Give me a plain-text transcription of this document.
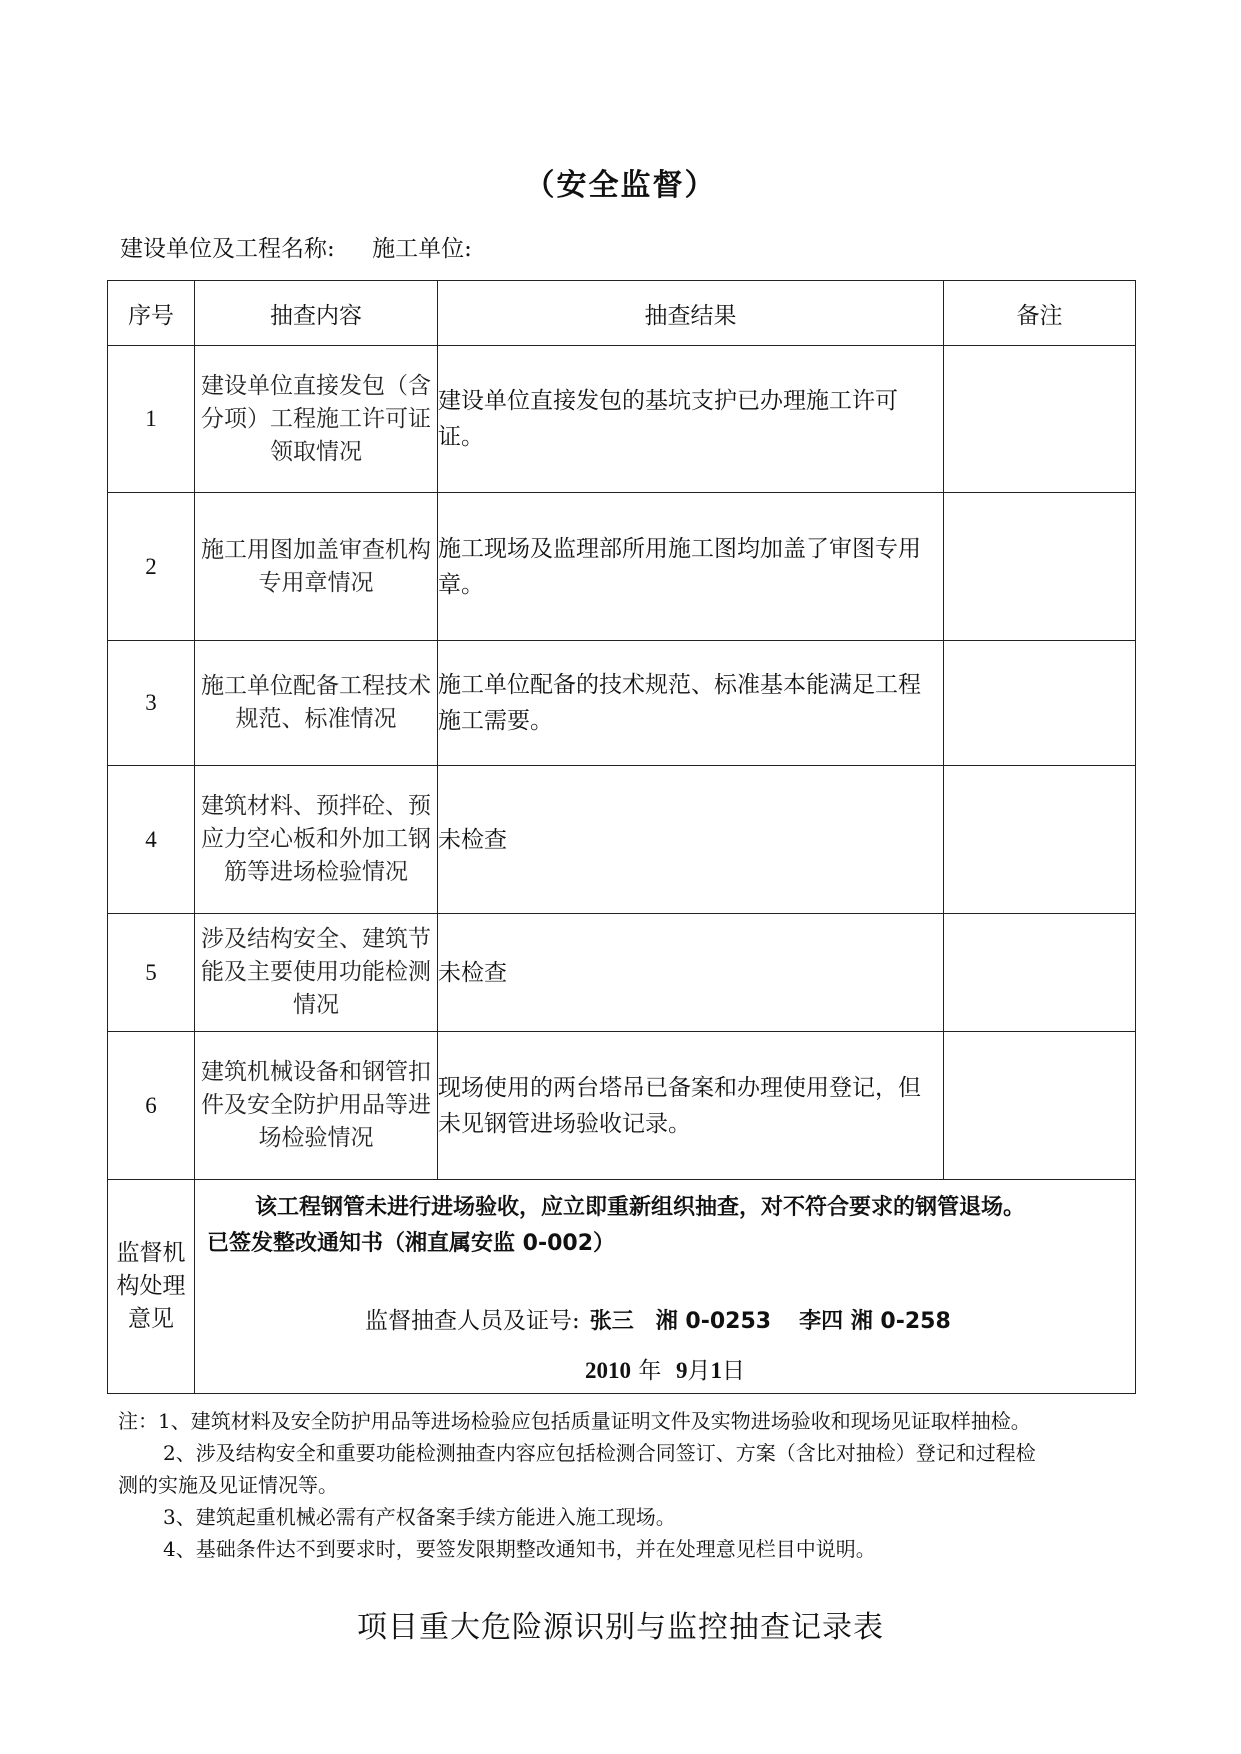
（安全监督）
建设单位及工程名称: 施工单位:
序号	抽查内容	抽查结果	备注
1	建设单位直接发包（含分项）工程施工许可证领取情况	建设单位直接发包的基坑支护已办理施工许可证。	
2	施工用图加盖审查机构专用章情况	施工现场及监理部所用施工图均加盖了审图专用章。	
3	施工单位配备工程技术规范、标准情况	施工单位配备的技术规范、标准基本能满足工程施工需要。	
4	建筑材料、预拌砼、预应力空心板和外加工钢筋等进场检验情况	未检查	
5	涉及结构安全、建筑节能及主要使用功能检测情况	未检查	
6	建筑机械设备和钢管扣件及安全防护用品等进场检验情况	现场使用的两台塔吊已备案和办理使用登记，但未见钢管进场验收记录。	
监督机构处理意见	该工程钢管未进行进场验收，应立即重新组织抽查，对不符合要求的钢管退场。
已签发整改通知书（湘直属安监 0-002）
监督抽查人员及证号: 张三　湘 0-0253 李四 湘 0-258
2010 年 9月1日		

注：1、建筑材料及安全防护用品等进场检验应包括质量证明文件及实物进场验收和现场见证取样抽检。

2、涉及结构安全和重要功能检测抽查内容应包括检测合同签订、方案（含比对抽检）登记和过程检

测的实施及见证情况等。

3、建筑起重机械必需有产权备案手续方能进入施工现场。

4、基础条件达不到要求时，要签发限期整改通知书，并在处理意见栏目中说明。

项目重大危险源识别与监控抽查记录表
